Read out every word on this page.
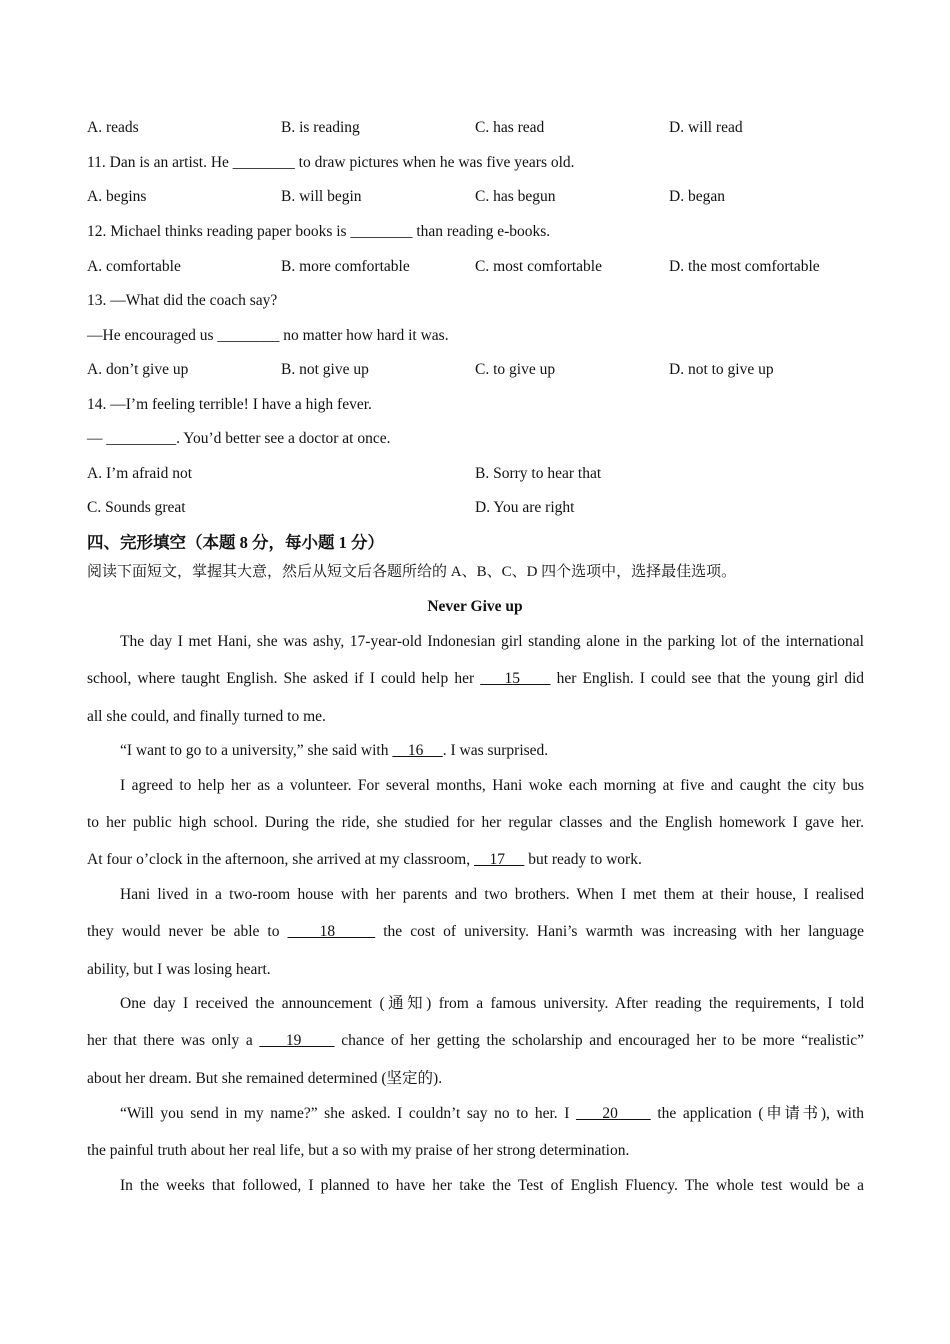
A. reads	B. is reading	C. has read	D. will read
11. Dan is an artist. He ________ to draw pictures when he was five years old.
A. begins	B. will begin	C. has begun	D. began
12. Michael thinks reading paper books is ________ than reading e-books.
A. comfortable	B. more comfortable	C. most comfortable	D. the most comfortable
13. —What did the coach say?
—He encouraged us ________ no matter how hard it was.
A. don’t give up	B. not give up	C. to give up	D. not to give up
14. —I’m feeling terrible! I have a high fever.
— _________. You’d better see a doctor at once.
A. I’m afraid not	B. Sorry to hear that
C. Sounds great	D. You are right
四、完形填空（本题 8 分，每小题 1 分）
阅读下面短文，掌握其大意，然后从短文后各题所给的 A、B、C、D 四个选项中，选择最佳选项。
Never Give up
The day I met Hani, she was ashy, 17-year-old Indonesian girl standing alone in the parking lot of the international
school, where taught English. She asked if I could help her     15      her English. I could see that the young girl did
all she could, and finally turned to me.
“I want to go to a university,” she said with     16     . I was surprised.
I agreed to help her as a volunteer. For several months, Hani woke each morning at five and caught the city bus
to her public high school. During the ride, she studied for her regular classes and the English homework I gave her.
At four o’clock in the afternoon, she arrived at my classroom,     17      but ready to work.
Hani lived in a two-room house with her parents and two brothers. When I met them at their house, I realised
they would never be able to     18      the cost of university. Hani’s warmth was increasing with her language
ability, but I was losing heart.
One day I received the announcement (通知) from a famous university. After reading the requirements, I told
her that there was only a     19      chance of her getting the scholarship and encouraged her to be more “realistic”
about her dream. But she remained determined (坚定的).
“Will you send in my name?” she asked. I couldn’t say no to her. I     20      the application (申请书), with
the painful truth about her real life, but a so with my praise of her strong determination.
In the weeks that followed, I planned to have her take the Test of English Fluency. The whole test would be a
